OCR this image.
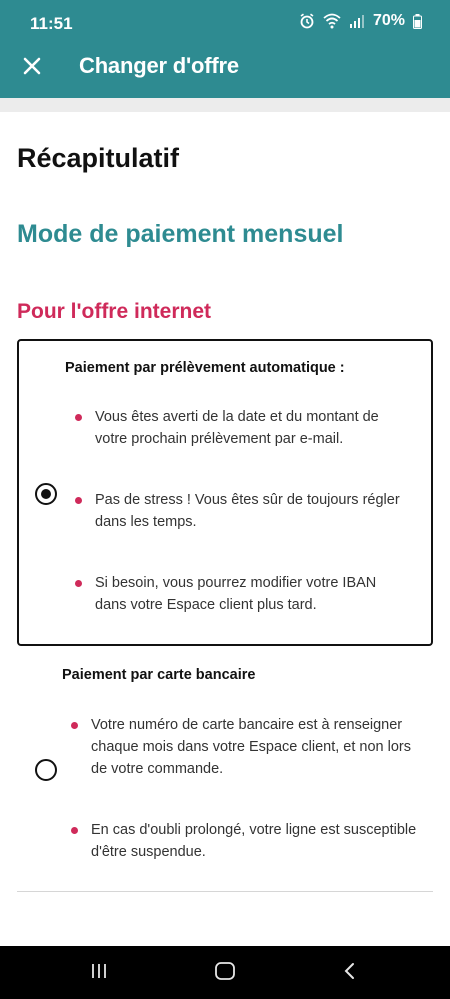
11:51	70%
Changer d'offre
Récapitulatif
Mode de paiement mensuel
Pour l'offre internet
Paiement par prélèvement automatique :
Vous êtes averti de la date et du montant de votre prochain prélèvement par e-mail.
Pas de stress ! Vous êtes sûr de toujours régler dans les temps.
Si besoin, vous pourrez modifier votre IBAN dans votre Espace client plus tard.
Paiement par carte bancaire
Votre numéro de carte bancaire est à renseigner chaque mois dans votre Espace client, et non lors de votre commande.
En cas d'oubli prolongé, votre ligne est susceptible d'être suspendue.
